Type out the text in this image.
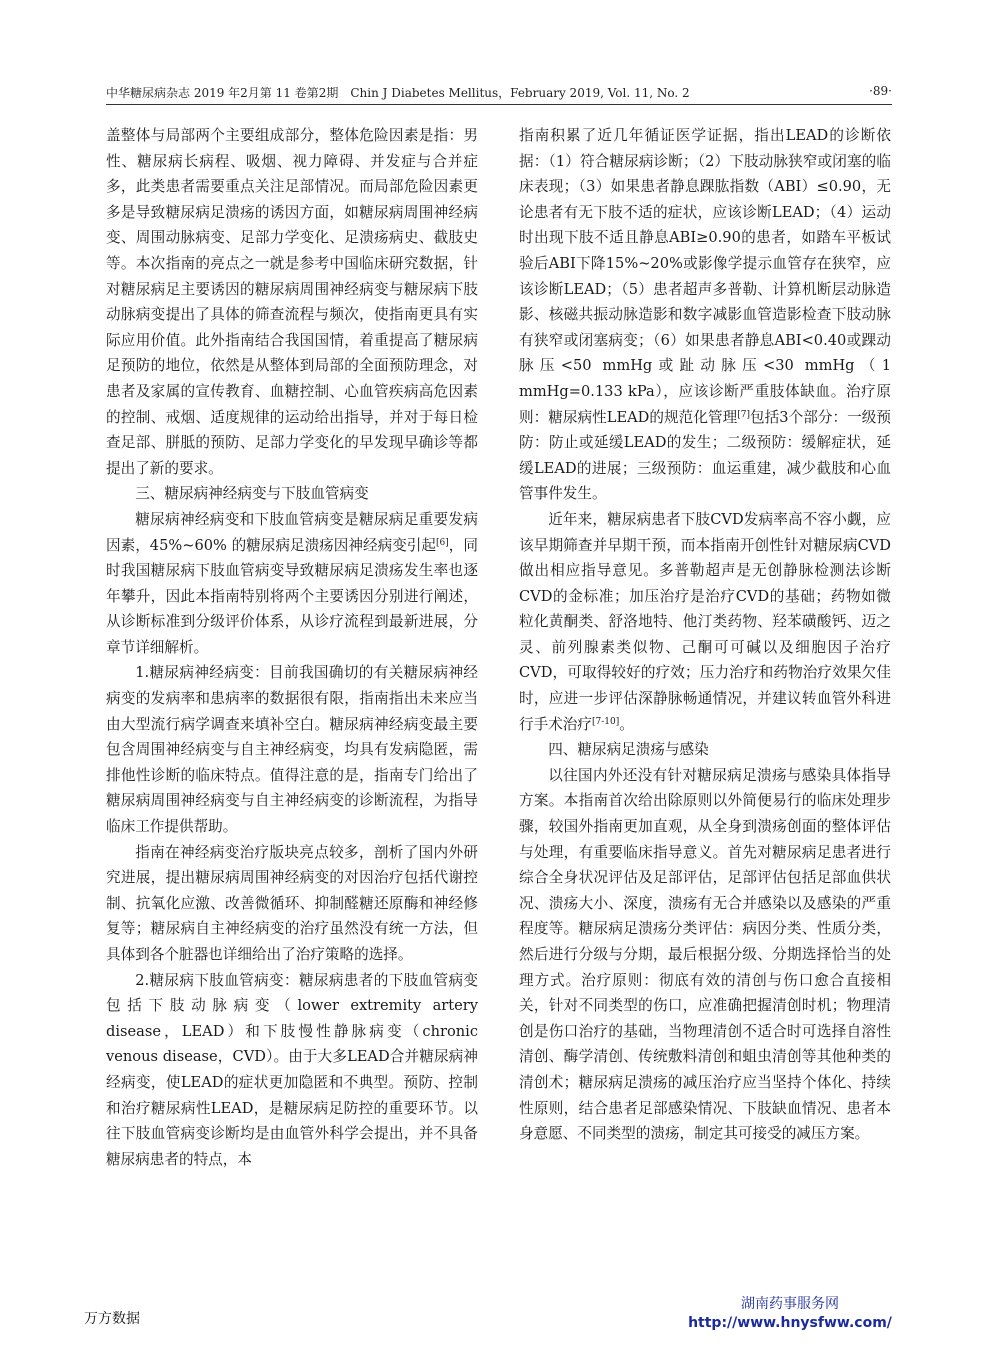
中华糖尿病杂志 2019 年2月第 11 卷第2期　Chin J Diabetes Mellitus，February 2019, Vol. 11, No. 2	·89·

盖整体与局部两个主要组成部分，整体危险因素是指：男性、糖尿病长病程、吸烟、视力障碍、并发症与合并症多，此类患者需要重点关注足部情况。而局部危险因素更多是导致糖尿病足溃疡的诱因方面，如糖尿病周围神经病变、周围动脉病变、足部力学变化、足溃疡病史、截肢史等。本次指南的亮点之一就是参考中国临床研究数据，针对糖尿病足主要诱因的糖尿病周围神经病变与糖尿病下肢动脉病变提出了具体的筛查流程与频次，使指南更具有实际应用价值。此外指南结合我国国情，着重提高了糖尿病足预防的地位，依然是从整体到局部的全面预防理念，对患者及家属的宣传教育、血糖控制、心血管疾病高危因素的控制、戒烟、适度规律的运动给出指导，并对于每日检查足部、胼胝的预防、足部力学变化的早发现早确诊等都提出了新的要求。

三、糖尿病神经病变与下肢血管病变

糖尿病神经病变和下肢血管病变是糖尿病足重要发病因素，45%~60% 的糖尿病足溃疡因神经病变引起[6]，同时我国糖尿病下肢血管病变导致糖尿病足溃疡发生率也逐年攀升，因此本指南特别将两个主要诱因分别进行阐述，从诊断标准到分级评价体系，从诊疗流程到最新进展，分章节详细解析。

1.糖尿病神经病变：目前我国确切的有关糖尿病神经病变的发病率和患病率的数据很有限，指南指出未来应当由大型流行病学调查来填补空白。糖尿病神经病变最主要包含周围神经病变与自主神经病变，均具有发病隐匿，需排他性诊断的临床特点。值得注意的是，指南专门给出了糖尿病周围神经病变与自主神经病变的诊断流程，为指导临床工作提供帮助。

指南在神经病变治疗版块亮点较多，剖析了国内外研究进展，提出糖尿病周围神经病变的对因治疗包括代谢控制、抗氧化应激、改善微循环、抑制醛糖还原酶和神经修复等；糖尿病自主神经病变的治疗虽然没有统一方法，但具体到各个脏器也详细给出了治疗策略的选择。

2.糖尿病下肢血管病变：糖尿病患者的下肢血管病变包括下肢动脉病变（lower extremity artery disease，LEAD）和下肢慢性静脉病变（chronic venous disease，CVD）。由于大多LEAD合并糖尿病神经病变，使LEAD的症状更加隐匿和不典型。预防、控制和治疗糖尿病性LEAD，是糖尿病足防控的重要环节。以往下肢血管病变诊断均是由血管外科学会提出，并不具备糖尿病患者的特点，本

指南积累了近几年循证医学证据，指出LEAD的诊断依据：（1）符合糖尿病诊断；（2）下肢动脉狭窄或闭塞的临床表现；（3）如果患者静息踝肱指数（ABI）≤0.90，无论患者有无下肢不适的症状，应该诊断LEAD；（4）运动时出现下肢不适且静息ABI≥0.90的患者，如踏车平板试验后ABI下降15%~20%或影像学提示血管存在狭窄，应该诊断LEAD；（5）患者超声多普勒、计算机断层动脉造影、核磁共振动脉造影和数字减影血管造影检查下肢动脉有狭窄或闭塞病变；（6）如果患者静息ABI<0.40或踝动脉压<50 mmHg或趾动脉压<30 mmHg（1 mmHg=0.133 kPa），应该诊断严重肢体缺血。治疗原则：糖尿病性LEAD的规范化管理[7]包括3个部分：一级预防：防止或延缓LEAD的发生；二级预防：缓解症状，延缓LEAD的进展；三级预防：血运重建，减少截肢和心血管事件发生。

近年来，糖尿病患者下肢CVD发病率高不容小觑，应该早期筛查并早期干预，而本指南开创性针对糖尿病CVD做出相应指导意见。多普勒超声是无创静脉检测法诊断CVD的金标准；加压治疗是治疗CVD的基础；药物如微粒化黄酮类、舒洛地特、他汀类药物、羟苯磺酸钙、迈之灵、前列腺素类似物、己酮可可碱以及细胞因子治疗CVD，可取得较好的疗效；压力治疗和药物治疗效果欠佳时，应进一步评估深静脉畅通情况，并建议转血管外科进行手术治疗[7-10]。

四、糖尿病足溃疡与感染

以往国内外还没有针对糖尿病足溃疡与感染具体指导方案。本指南首次给出除原则以外简便易行的临床处理步骤，较国外指南更加直观，从全身到溃疡创面的整体评估与处理，有重要临床指导意义。首先对糖尿病足患者进行综合全身状况评估及足部评估，足部评估包括足部血供状况、溃疡大小、深度，溃疡有无合并感染以及感染的严重程度等。糖尿病足溃疡分类评估：病因分类、性质分类，然后进行分级与分期，最后根据分级、分期选择恰当的处理方式。治疗原则：彻底有效的清创与伤口愈合直接相关，针对不同类型的伤口，应准确把握清创时机；物理清创是伤口治疗的基础，当物理清创不适合时可选择自溶性清创、酶学清创、传统敷料清创和蛆虫清创等其他种类的清创术；糖尿病足溃疡的减压治疗应当坚持个体化、持续性原则，结合患者足部感染情况、下肢缺血情况、患者本身意愿、不同类型的溃疡，制定其可接受的减压方案。

万方数据
湖南药事服务网
http://www.hnysfww.com/
